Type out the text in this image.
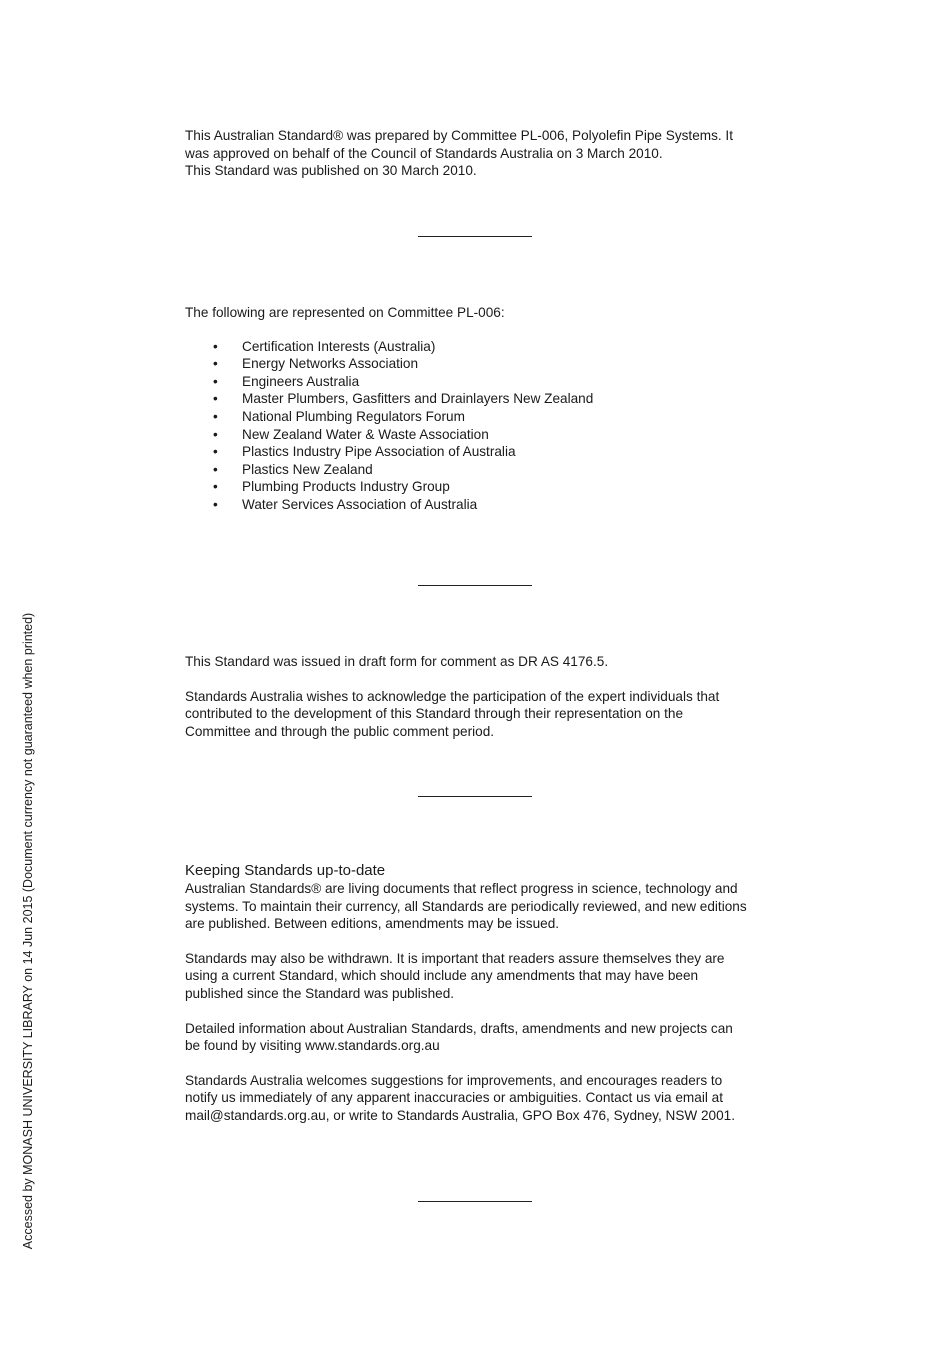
Accessed by MONASH UNIVERSITY LIBRARY on 14 Jun 2015 (Document currency not guaranteed when printed)

This Australian Standard® was prepared by Committee PL-006, Polyolefin Pipe Systems. It

was approved on behalf of the Council of Standards Australia on 3 March 2010.

This Standard was published on 30 March 2010.

The following are represented on Committee PL-006:

• Certification Interests (Australia)
• Energy Networks Association
• Engineers Australia
• Master Plumbers, Gasfitters and Drainlayers New Zealand
• National Plumbing Regulators Forum
• New Zealand Water & Waste Association
• Plastics Industry Pipe Association of Australia
• Plastics New Zealand
• Plumbing Products Industry Group
• Water Services Association of Australia

This Standard was issued in draft form for comment as DR AS 4176.5.

Standards Australia wishes to acknowledge the participation of the expert individuals that
contributed to the development of this Standard through their representation on the
Committee and through the public comment period.
Keeping Standards up-to-date

Australian Standards® are living documents that reflect progress in science, technology and
systems. To maintain their currency, all Standards are periodically reviewed, and new editions
are published. Between editions, amendments may be issued.

Standards may also be withdrawn. It is important that readers assure themselves they are
using a current Standard, which should include any amendments that may have been
published since the Standard was published.

Detailed information about Australian Standards, drafts, amendments and new projects can
be found by visiting www.standards.org.au

Standards Australia welcomes suggestions for improvements, and encourages readers to
notify us immediately of any apparent inaccuracies or ambiguities. Contact us via email at
mail@standards.org.au, or write to Standards Australia, GPO Box 476, Sydney, NSW 2001.
